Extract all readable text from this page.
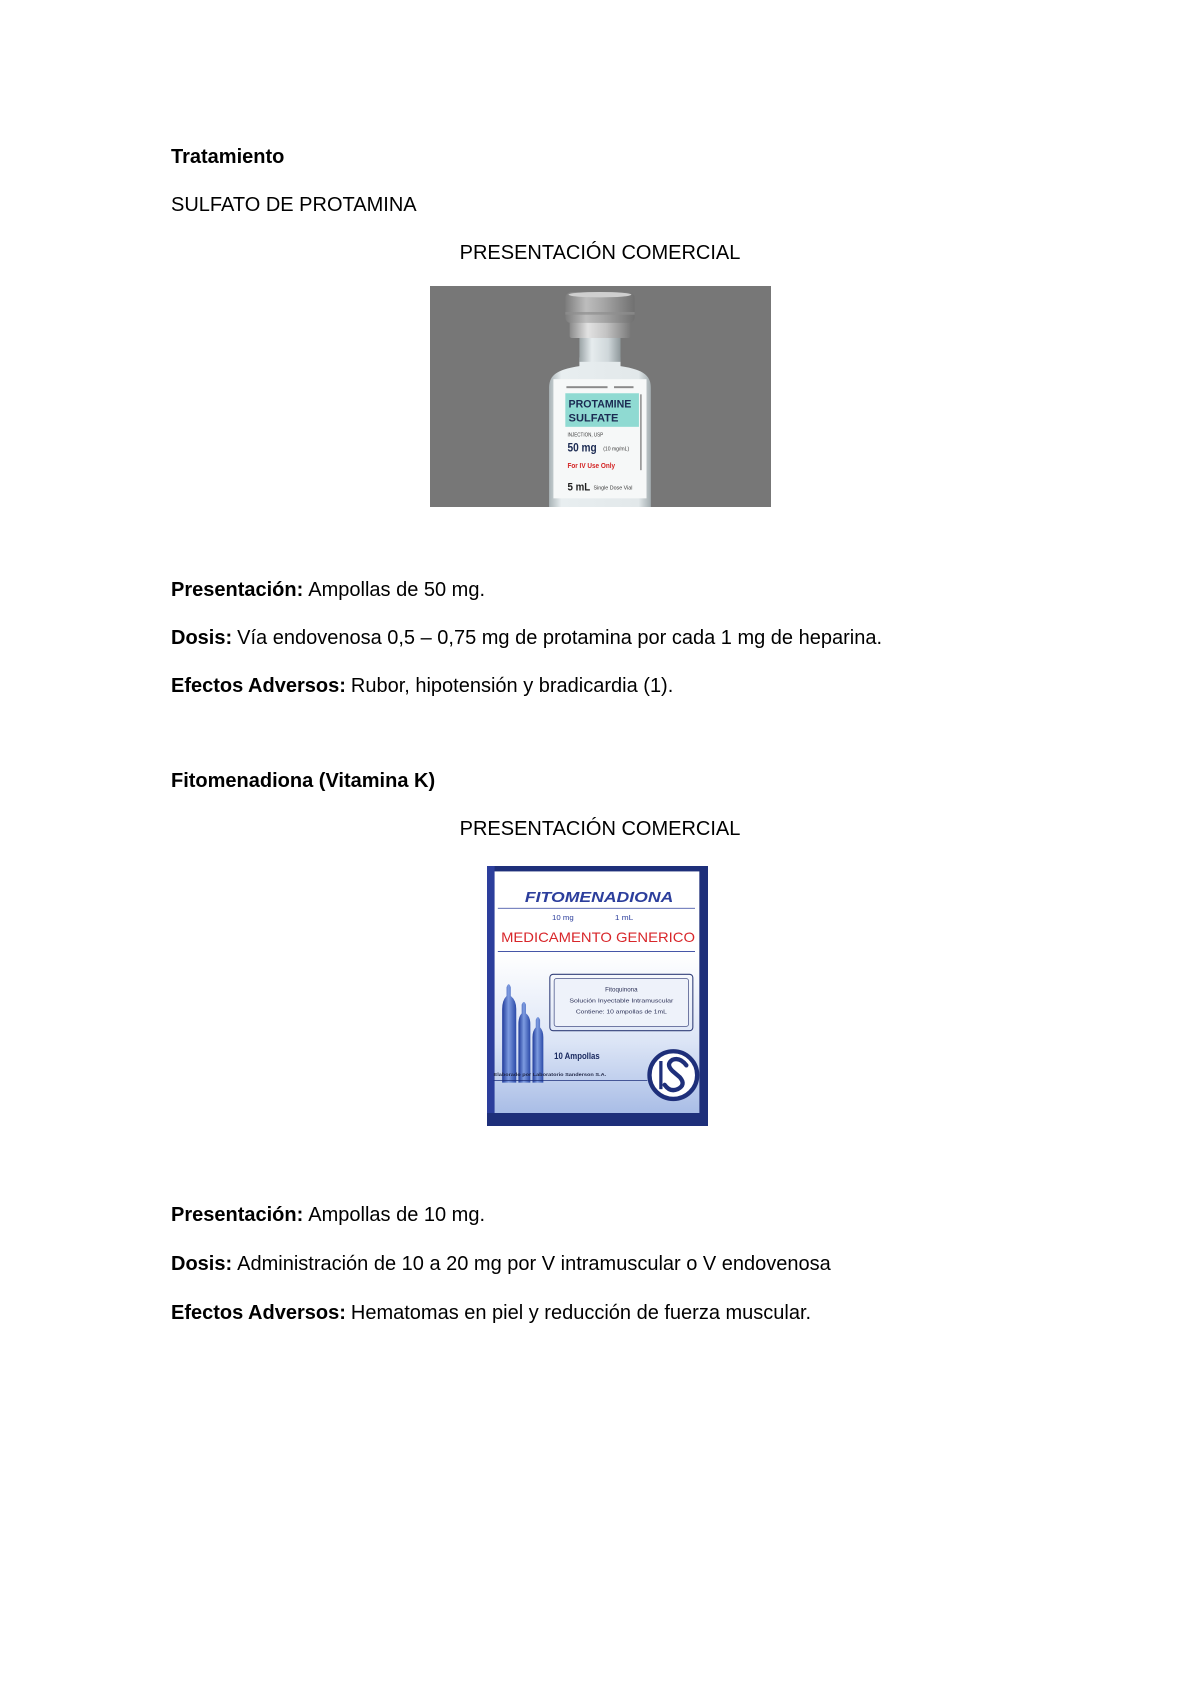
Tratamiento

SULFATO DE PROTAMINA

PRESENTACIÓN COMERCIAL

PROTAMINE
SULFATE
INJECTION, USP
50 mg (10 mg/mL)
For IV Use Only
5 mL Single Dose Vial

Presentación: Ampollas de 50 mg.

Dosis: Vía endovenosa 0,5 – 0,75 mg de protamina por cada 1 mg de heparina.

Efectos Adversos: Rubor, hipotensión y bradicardia (1).

Fitomenadiona (Vitamina K)

PRESENTACIÓN COMERCIAL

FITOMENADIONA
10 mg	1 mL
MEDICAMENTO GENERICO
Fitoquinona
Solución Inyectable Intramuscular
Contiene: 10 ampollas de 1mL
10 Ampollas
Elaborado por Laboratorio Sanderson S.A.

Presentación: Ampollas de 10 mg.

Dosis: Administración de 10 a 20 mg por V intramuscular o V endovenosa

Efectos Adversos: Hematomas en piel y reducción de fuerza muscular.
